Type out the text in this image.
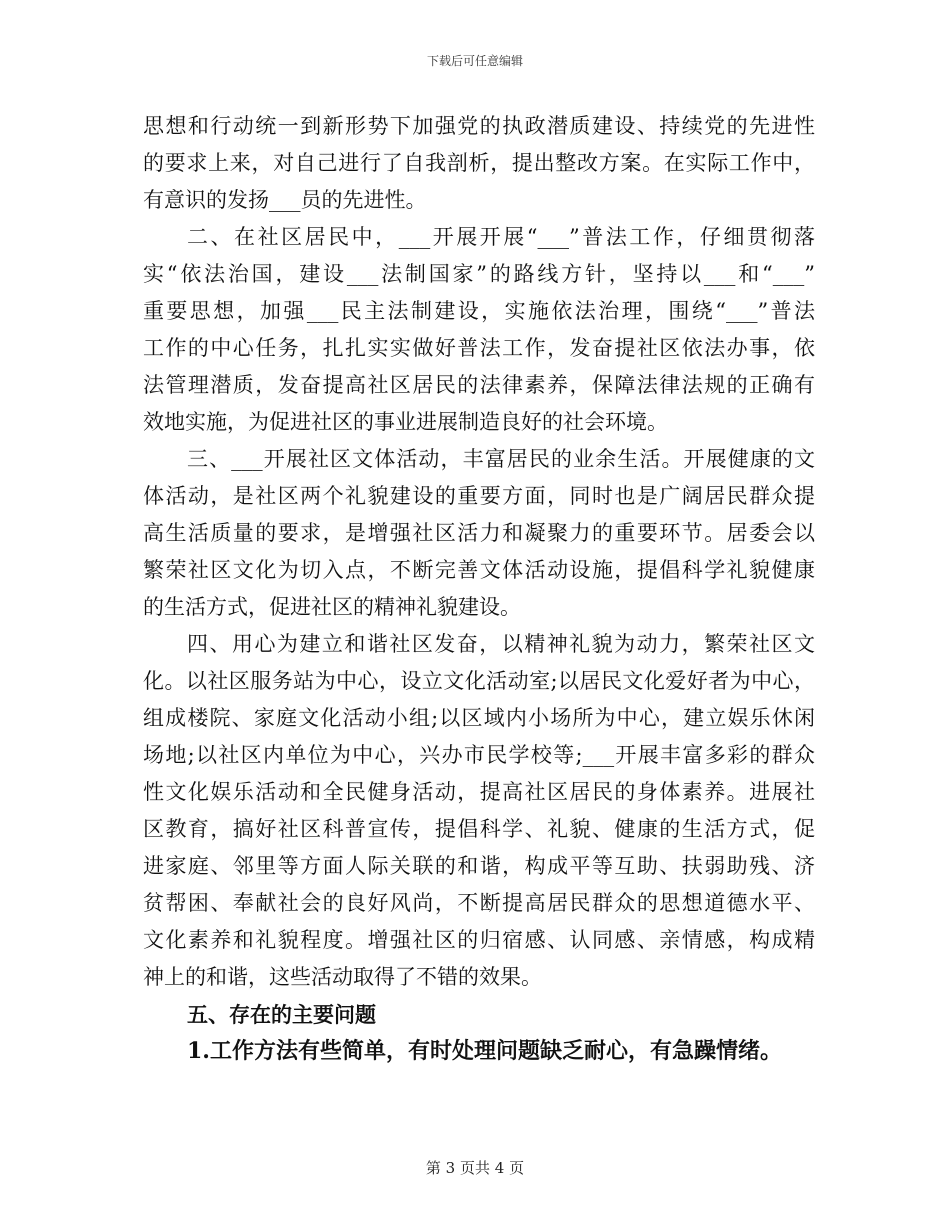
下载后可任意编辑
思想和行动统一到新形势下加强党的执政潜质建设、持续党的先进性
的要求上来，对自己进行了自我剖析，提出整改方案。在实际工作中，
有意识的发扬___员的先进性。
二、在社区居民中，___开展开展“___”普法工作，仔细贯彻落
实“依法治国，建设___法制国家”的路线方针，坚持以___和“___”
重要思想，加强___民主法制建设，实施依法治理，围绕“___”普法
工作的中心任务，扎扎实实做好普法工作，发奋提社区依法办事，依
法管理潜质，发奋提高社区居民的法律素养，保障法律法规的正确有
效地实施，为促进社区的事业进展制造良好的社会环境。
三、___开展社区文体活动，丰富居民的业余生活。开展健康的文
体活动，是社区两个礼貌建设的重要方面，同时也是广阔居民群众提
高生活质量的要求，是增强社区活力和凝聚力的重要环节。居委会以
繁荣社区文化为切入点，不断完善文体活动设施，提倡科学礼貌健康
的生活方式，促进社区的精神礼貌建设。
四、用心为建立和谐社区发奋，以精神礼貌为动力，繁荣社区文
化。以社区服务站为中心，设立文化活动室;以居民文化爱好者为中心，
组成楼院、家庭文化活动小组;以区域内小场所为中心，建立娱乐休闲
场地;以社区内单位为中心，兴办市民学校等;___开展丰富多彩的群众
性文化娱乐活动和全民健身活动，提高社区居民的身体素养。进展社
区教育，搞好社区科普宣传，提倡科学、礼貌、健康的生活方式，促
进家庭、邻里等方面人际关联的和谐，构成平等互助、扶弱助残、济
贫帮困、奉献社会的良好风尚，不断提高居民群众的思想道德水平、
文化素养和礼貌程度。增强社区的归宿感、认同感、亲情感，构成精
神上的和谐，这些活动取得了不错的效果。
五、存在的主要问题
1.工作方法有些简单，有时处理问题缺乏耐心，有急躁情绪。
第 3 页共 4 页
